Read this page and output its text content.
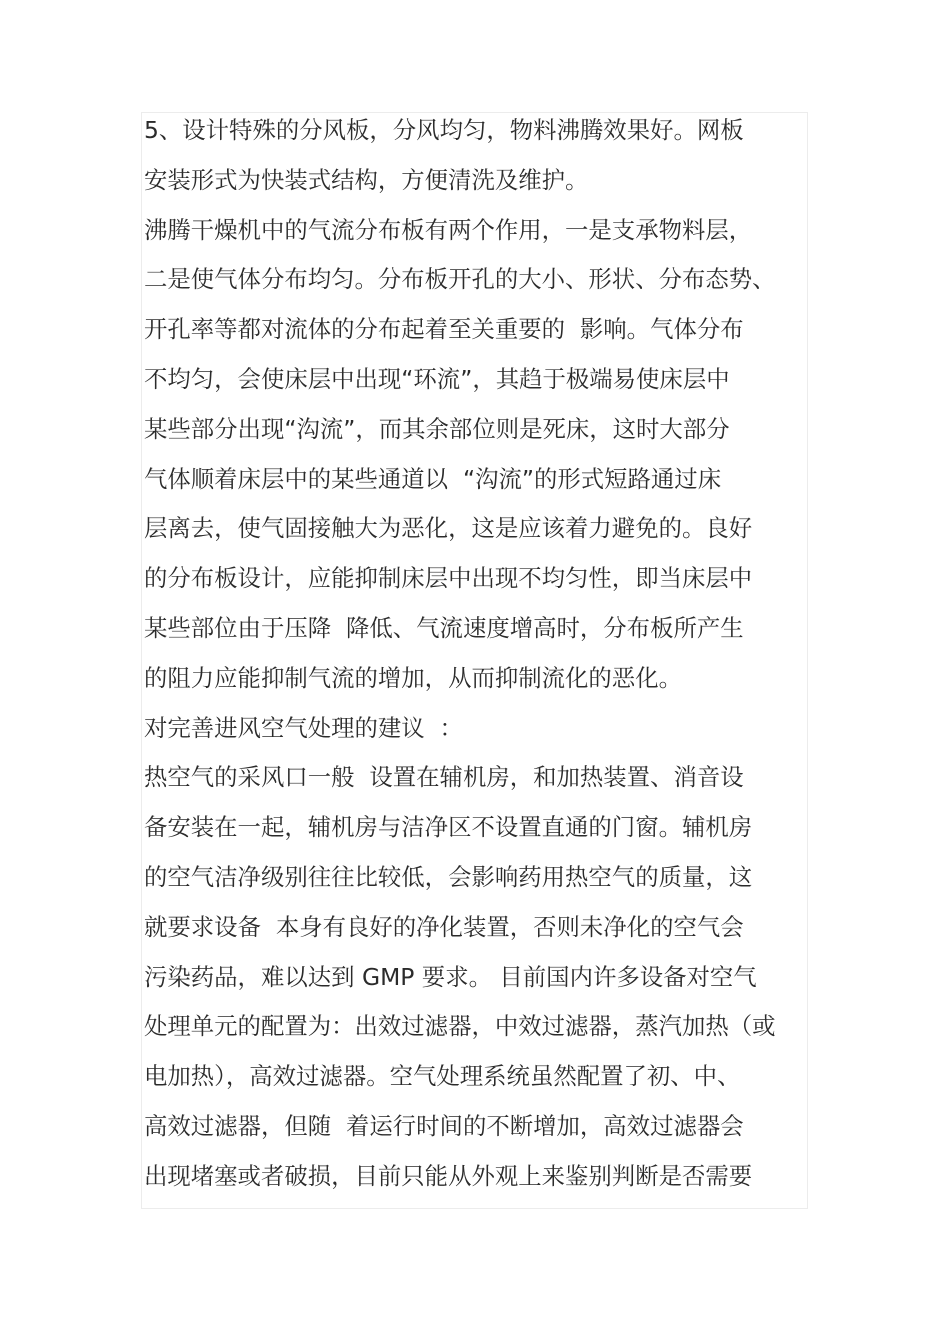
5、设计特殊的分风板，分风均匀，物料沸腾效果好。网板
安装形式为快装式结构，方便清洗及维护。
沸腾干燥机中的气流分布板有两个作用，一是支承物料层，
二是使气体分布均匀。分布板开孔的大小、形状、分布态势、
开孔率等都对流体的分布起着至关重要的  影响。气体分布
不均匀，会使床层中出现“环流”，其趋于极端易使床层中
某些部分出现“沟流”，而其余部位则是死床，这时大部分
气体顺着床层中的某些通道以  “沟流”的形式短路通过床
层离去，使气固接触大为恶化，这是应该着力避免的。良好
的分布板设计，应能抑制床层中出现不均匀性，即当床层中
某些部位由于压降  降低、气流速度增高时，分布板所产生
的阻力应能抑制气流的增加，从而抑制流化的恶化。
对完善进风空气处理的建议  ：
热空气的采风口一般  设置在辅机房，和加热装置、消音设
备安装在一起，辅机房与洁净区不设置直通的门窗。辅机房
的空气洁净级别往往比较低，会影响药用热空气的质量，这
就要求设备  本身有良好的净化装置，否则未净化的空气会
污染药品，难以达到 GMP 要求。 目前国内许多设备对空气
处理单元的配置为：出效过滤器，中效过滤器，蒸汽加热（或
电加热），高效过滤器。空气处理系统虽然配置了初、中、
高效过滤器，但随  着运行时间的不断增加，高效过滤器会
出现堵塞或者破损，目前只能从外观上来鉴别判断是否需要
